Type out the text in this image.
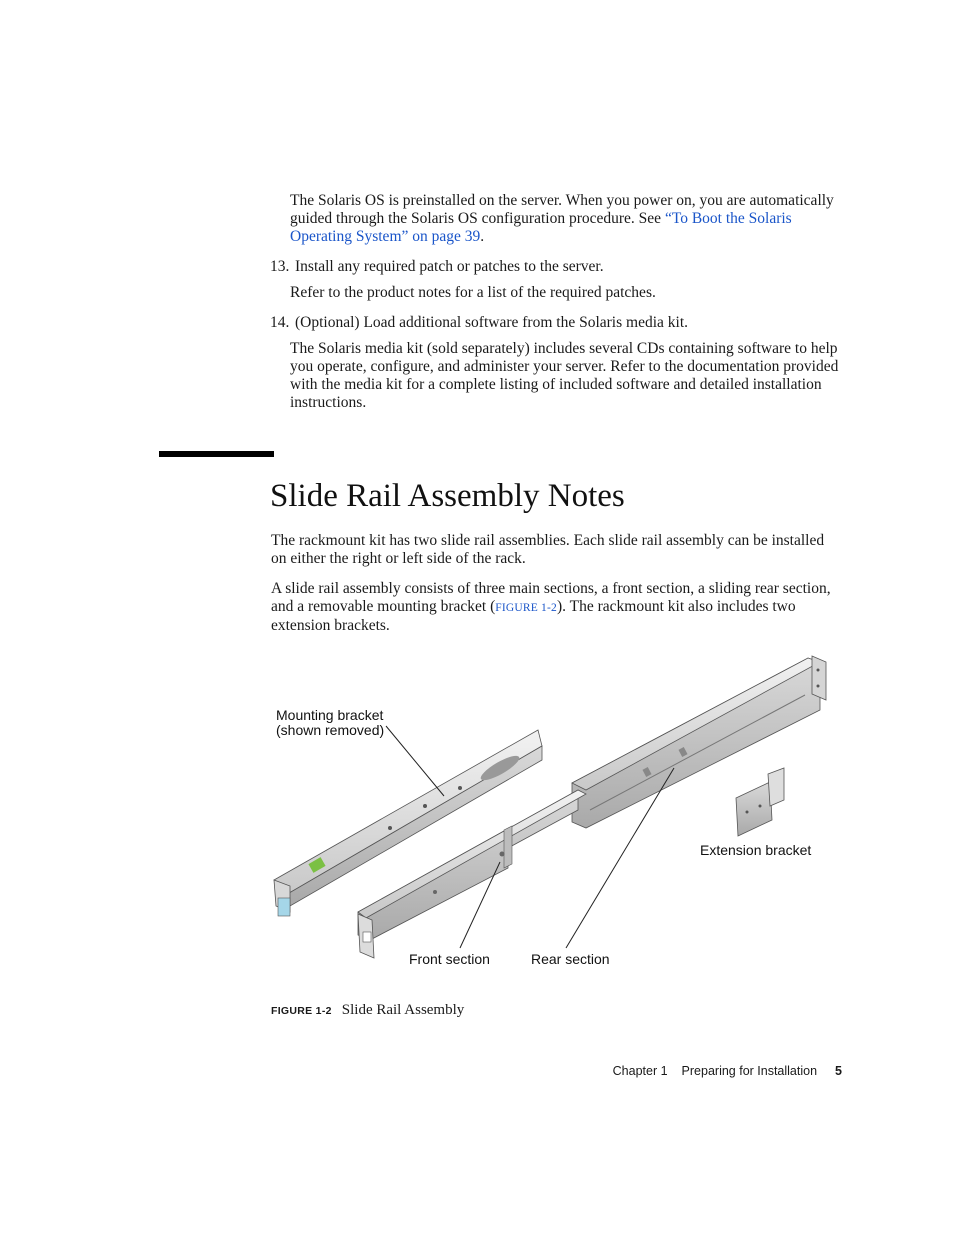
The Solaris OS is preinstalled on the server. When you power on, you are automatically guided through the Solaris OS configuration procedure. See “To Boot the Solaris Operating System” on page 39.

13. Install any required patch or patches to the server.

Refer to the product notes for a list of the required patches.

14. (Optional) Load additional software from the Solaris media kit.

The Solaris media kit (sold separately) includes several CDs containing software to help you operate, configure, and administer your server. Refer to the documentation provided with the media kit for a complete listing of included software and detailed installation instructions.

Slide Rail Assembly Notes

The rackmount kit has two slide rail assemblies. Each slide rail assembly can be installed on either the right or left side of the rack.

A slide rail assembly consists of three main sections, a front section, a sliding rear section, and a removable mounting bracket (FIGURE 1-2). The rackmount kit also includes two extension brackets.

Mounting bracket
(shown removed)
Extension bracket
Front section	Rear section
FIGURE 1-2 Slide Rail Assembly
Chapter 1 Preparing for Installation 5
